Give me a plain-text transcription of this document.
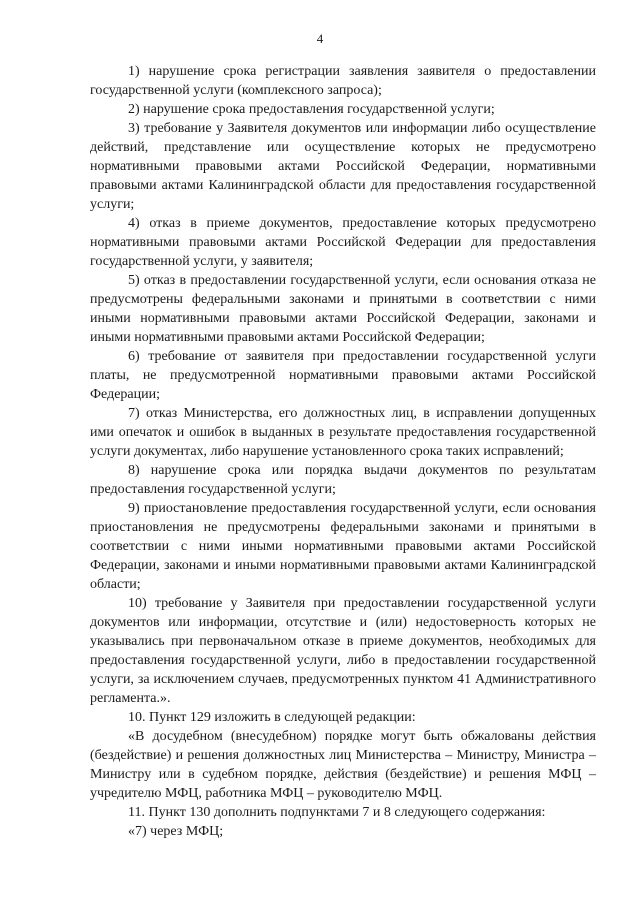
4

1) нарушение срока регистрации заявления заявителя о предоставлении государственной услуги (комплексного запроса);

2) нарушение срока предоставления государственной услуги;

3) требование у Заявителя документов или информации либо осуществление действий, представление или осуществление которых не предусмотрено нормативными правовыми актами Российской Федерации, нормативными правовыми актами Калининградской области для предоставления государственной услуги;

4) отказ в приеме документов, предоставление которых предусмотрено нормативными правовыми актами Российской Федерации для предоставления государственной услуги, у заявителя;

5) отказ в предоставлении государственной услуги, если основания отказа не предусмотрены федеральными законами и принятыми в соответствии с ними иными нормативными правовыми актами Российской Федерации, законами и иными нормативными правовыми актами Российской Федерации;

6) требование от заявителя при предоставлении государственной услуги платы, не предусмотренной нормативными правовыми актами Российской Федерации;

7) отказ Министерства, его должностных лиц, в исправлении допущенных ими опечаток и ошибок в выданных в результате предоставления государственной услуги документах, либо нарушение установленного срока таких исправлений;

8) нарушение срока или порядка выдачи документов по результатам предоставления государственной услуги;

9) приостановление предоставления государственной услуги, если основания приостановления не предусмотрены федеральными законами и принятыми в соответствии с ними иными нормативными правовыми актами Российской Федерации, законами и иными нормативными правовыми актами Калининградской области;

10) требование у Заявителя при предоставлении государственной услуги документов или информации, отсутствие и (или) недостоверность которых не указывались при первоначальном отказе в приеме документов, необходимых для предоставления государственной услуги, либо в предоставлении государственной услуги, за исключением случаев, предусмотренных пунктом 41 Административного регламента.».

10. Пункт 129 изложить в следующей редакции:

«В досудебном (внесудебном) порядке могут быть обжалованы действия (бездействие) и решения должностных лиц Министерства – Министру, Министра – Министру или в судебном порядке, действия (бездействие) и решения МФЦ – учредителю МФЦ, работника МФЦ – руководителю МФЦ.

11. Пункт 130 дополнить подпунктами 7 и 8 следующего содержания:

«7) через МФЦ;
